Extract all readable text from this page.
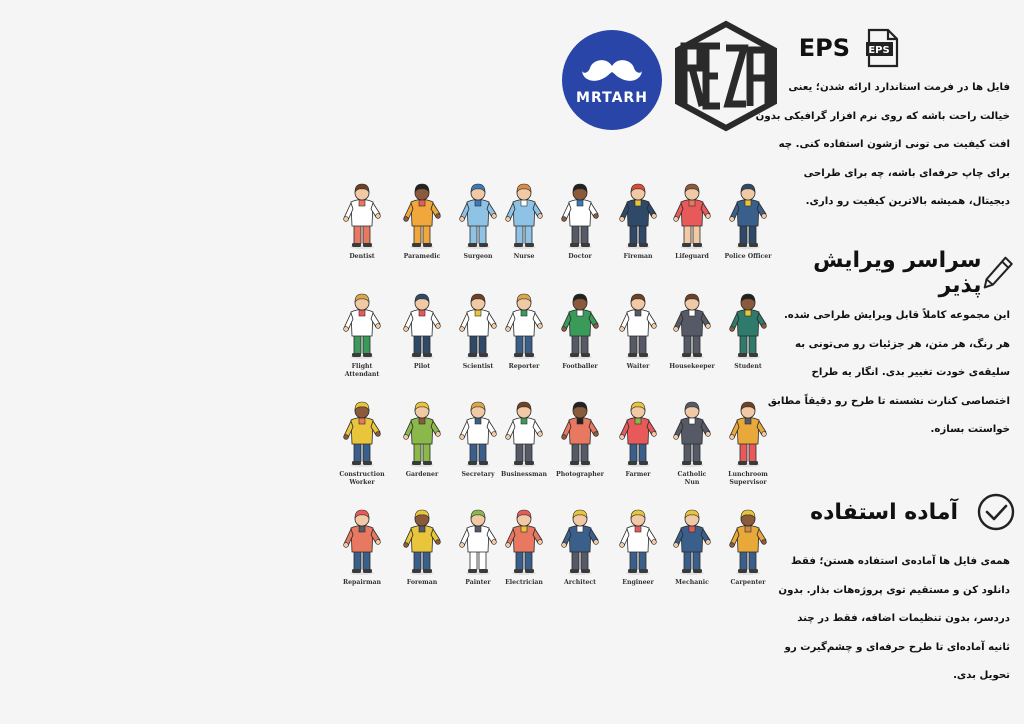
MRTARH
Dentist	Paramedic	Surgeon	Nurse	Doctor	Fireman	Lifeguard	Police Officer
Flight
Attendant
Pilot	Scientist	Reporter	Footballer	Waiter	Housekeeper	Student
Construction
Worker
Gardener	Secretary	Businessman	Photographer	Farmer	Catholic
Nun
Lunchroom
Supervisor
Repairman	Foreman	Painter	Electrician	Architect	Engineer	Mechanic	Carpenter
EPS
EPS
فایل ها در فرمت استاندارد ارائه شدن؛ یعنی
خیالت راحت باشه که روی نرم افزار گرافیکی بدون
افت کیفیت می تونی ازشون استفاده کنی. چه
برای چاپ حرفه‌ای باشه، چه برای طراحی
دیجیتال، همیشه بالاترین کیفیت رو داری.
سراسر ویرایش پذیر
این مجموعه کاملاً قابل ویرایش طراحی شده.
هر رنگ، هر متن، هر جزئیات رو می‌تونی به
سلیقه‌ی خودت تغییر بدی. انگار یه طراح
اختصاصی کنارت نشسته تا طرح رو دقیقاً مطابق
خواستت بسازه.
آماده استفاده
همه‌ی فایل ها آماده‌ی استفاده هستن؛ فقط
دانلود کن و مستقیم توی پروژه‌هات بذار. بدون
دردسر، بدون تنظیمات اضافه، فقط در چند
ثانیه آماده‌ای تا طرح حرفه‌ای و چشم‌گیرت رو
تحویل بدی.
